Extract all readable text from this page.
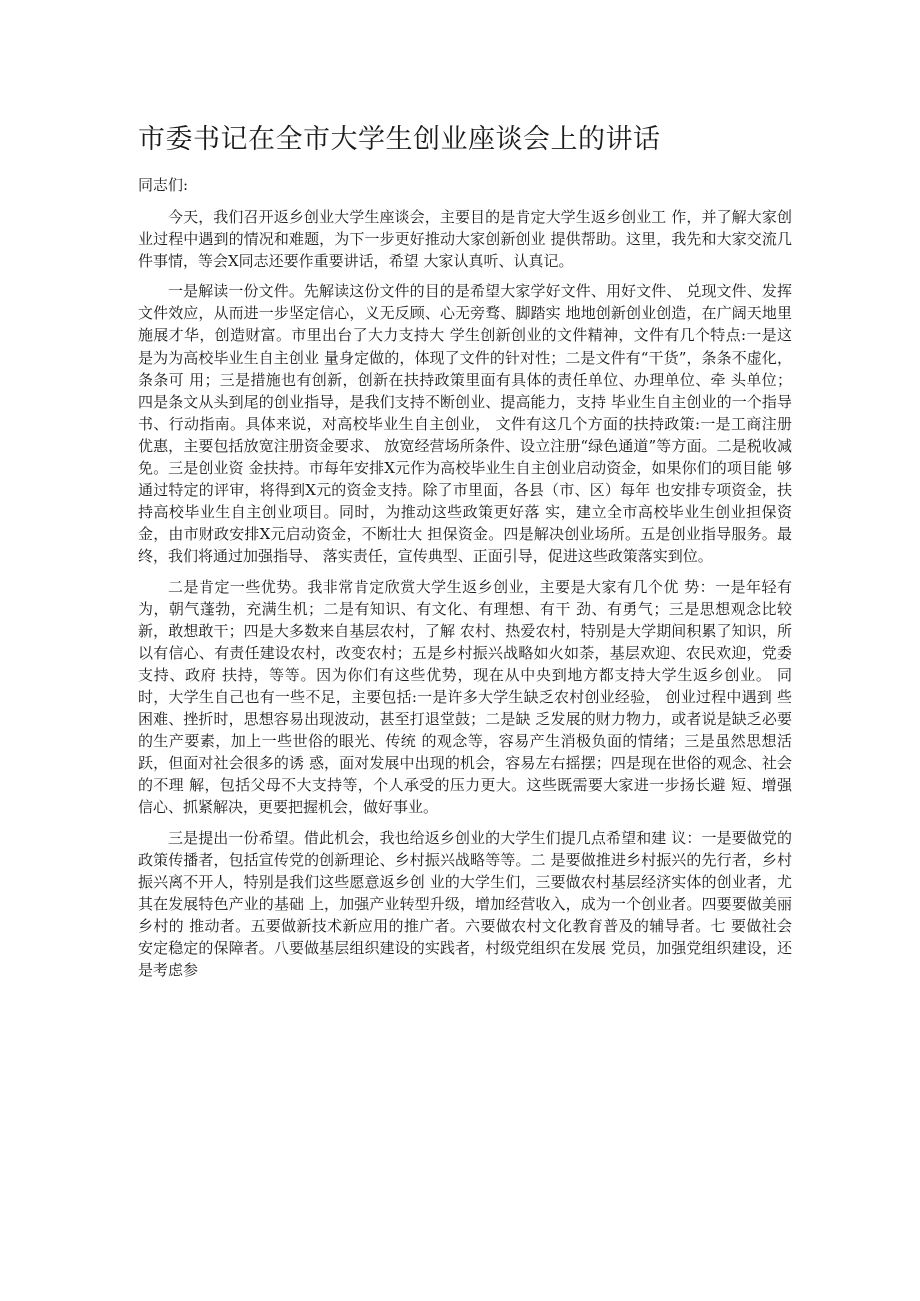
市委书记在全市大学生创业座谈会上的讲话

同志们:

今天，我们召开返乡创业大学生座谈会，主要目的是肯定大学生返乡创业工 作，并了解大家创业过程中遇到的情况和难题，为下一步更好推动大家创新创业 提供帮助。这里，我先和大家交流几件事情，等会X同志还要作重要讲话，希望 大家认真听、认真记。

一是解读一份文件。先解读这份文件的目的是希望大家学好文件、用好文件、 兑现文件、发挥文件效应，从而进一步坚定信心，义无反顾、心无旁骛、脚踏实 地地创新创业创造，在广阔天地里施展才华，创造财富。市里出台了大力支持大 学生创新创业的文件精神，文件有几个特点:一是这是为为高校毕业生自主创业 量身定做的，体现了文件的针对性；二是文件有“干货”，条条不虚化，条条可 用；三是措施也有创新，创新在扶持政策里面有具体的责任单位、办理单位、牵 头单位；四是条文从头到尾的创业指导，是我们支持不断创业、提高能力，支持 毕业生自主创业的一个指导书、行动指南。具体来说，对高校毕业生自主创业， 文件有这几个方面的扶持政策:一是工商注册优惠，主要包括放宽注册资金要求、 放宽经营场所条件、设立注册“绿色通道”等方面。二是税收减免。三是创业资 金扶持。市每年安排X元作为高校毕业生自主创业启动资金，如果你们的项目能 够通过特定的评审，将得到X元的资金支持。除了市里面，各县（市、区）每年 也安排专项资金，扶持高校毕业生自主创业项目。同时，为推动这些政策更好落 实，建立全市高校毕业生创业担保资金，由市财政安排X元启动资金，不断壮大 担保资金。四是解决创业场所。五是创业指导服务。最终，我们将通过加强指导、 落实责任，宣传典型、正面引导，促进这些政策落实到位。

二是肯定一些优势。我非常肯定欣赏大学生返乡创业，主要是大家有几个优 势：一是年轻有为，朝气蓬勃，充满生机；二是有知识、有文化、有理想、有干 劲、有勇气；三是思想观念比较新，敢想敢干；四是大多数来自基层农村，了解 农村、热爱农村，特别是大学期间积累了知识，所以有信心、有责任建设农村，改变农村；五是乡村振兴战略如火如荼，基层欢迎、农民欢迎，党委支持、政府 扶持，等等。因为你们有这些优势，现在从中央到地方都支持大学生返乡创业。 同时，大学生自己也有一些不足，主要包括:一是许多大学生缺乏农村创业经验， 创业过程中遇到 些困难、挫折时，思想容易出现波动，甚至打退堂鼓；二是缺 乏发展的财力物力，或者说是缺乏必要的生产要素，加上一些世俗的眼光、传统 的观念等，容易产生消极负面的情绪；三是虽然思想活跃，但面对社会很多的诱 惑，面对发展中出现的机会，容易左右摇摆；四是现在世俗的观念、社会的不理 解，包括父母不大支持等，个人承受的压力更大。这些既需要大家进一步扬长避 短、增强信心、抓紧解决，更要把握机会，做好事业。

三是提出一份希望。借此机会，我也给返乡创业的大学生们提几点希望和建 议：一是要做党的政策传播者，包括宣传党的创新理论、乡村振兴战略等等。二 是要做推进乡村振兴的先行者，乡村振兴离不开人，特别是我们这些愿意返乡创 业的大学生们，三要做农村基层经济实体的创业者，尤其在发展特色产业的基础 上，加强产业转型升级，增加经营收入，成为一个创业者。四要要做美丽乡村的 推动者。五要做新技术新应用的推广者。六要做农村文化教育普及的辅导者。七 要做社会安定稳定的保障者。八要做基层组织建设的实践者，村级党组织在发展 党员，加强党组织建设，还是考虑参
